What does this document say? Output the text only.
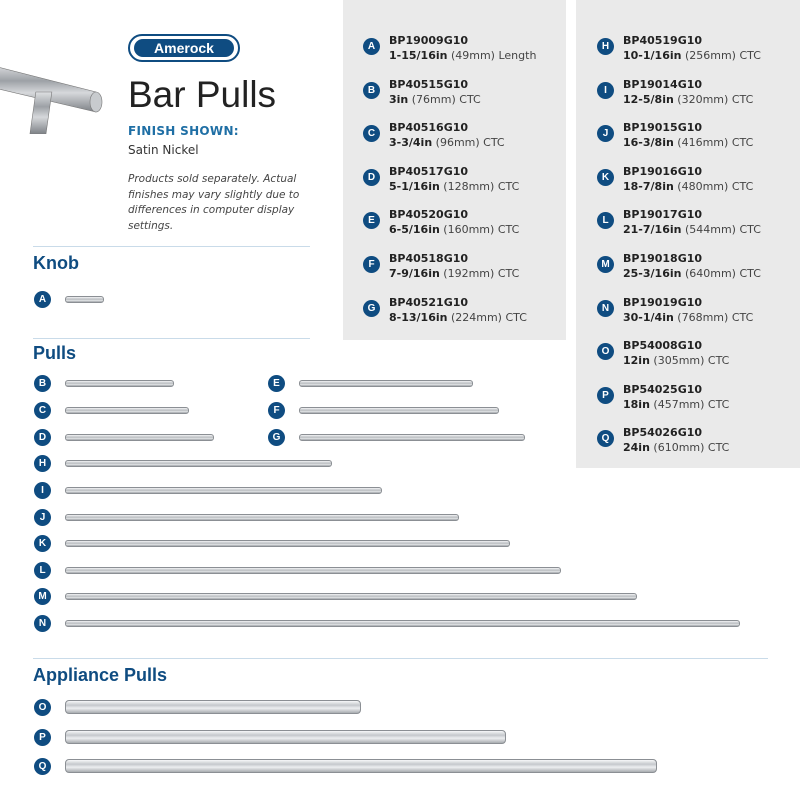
Amerock
Bar Pulls
FINISH SHOWN:
Satin Nickel
Products sold separately. Actual finishes may vary slightly due to differences in computer display settings.
Knob
Pulls
Appliance Pulls
A	BP19009G10
1-15/16in (49mm) Length
B	BP40515G10
3in (76mm) CTC
C	BP40516G10
3-3/4in (96mm) CTC
D	BP40517G10
5-1/16in (128mm) CTC
E	BP40520G10
6-5/16in (160mm) CTC
F	BP40518G10
7-9/16in (192mm) CTC
G	BP40521G10
8-13/16in (224mm) CTC
H	BP40519G10
10-1/16in (256mm) CTC
I	BP19014G10
12-5/8in (320mm) CTC
J	BP19015G10
16-3/8in (416mm) CTC
K	BP19016G10
18-7/8in (480mm) CTC
L	BP19017G10
21-7/16in (544mm) CTC
M	BP19018G10
25-3/16in (640mm) CTC
N	BP19019G10
30-1/4in (768mm) CTC
O	BP54008G10
12in (305mm) CTC
P	BP54025G10
18in (457mm) CTC
Q	BP54026G10
24in (610mm) CTC
A
B
C
D
E
F
G
H
I
J
K
L
M
N
O
P
Q
